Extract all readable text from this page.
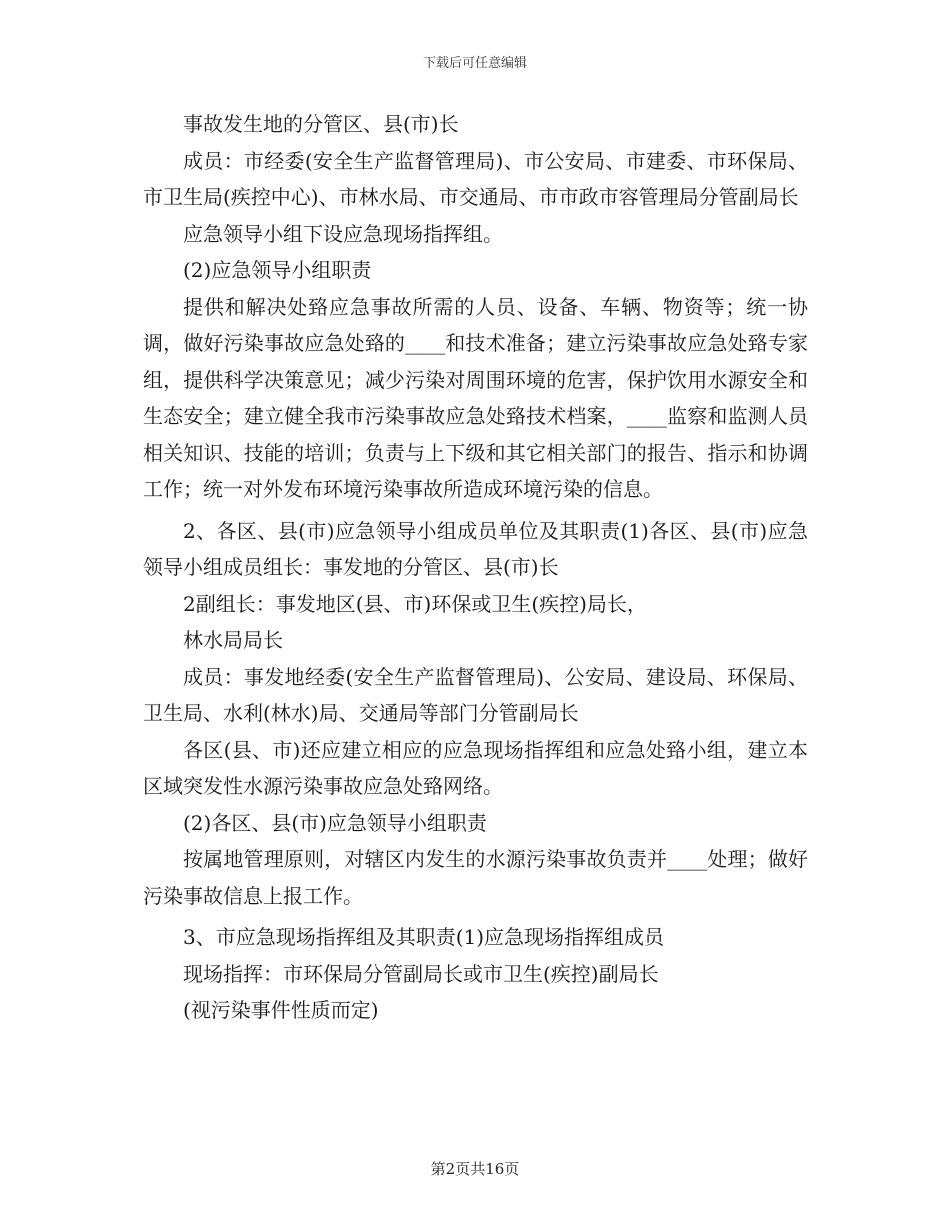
下载后可任意编辑

事故发生地的分管区、县(市)长

成员：市经委(安全生产监督管理局)、市公安局、市建委、市环保局、市卫生局(疾控中心)、市林水局、市交通局、市市政市容管理局分管副局长

应急领导小组下设应急现场指挥组。

(2)应急领导小组职责

提供和解决处臵应急事故所需的人员、设备、车辆、物资等；统一协调，做好污染事故应急处臵的____和技术准备；建立污染事故应急处臵专家组，提供科学决策意见；减少污染对周围环境的危害，保护饮用水源安全和生态安全；建立健全我市污染事故应急处臵技术档案，____监察和监测人员相关知识、技能的培训；负责与上下级和其它相关部门的报告、指示和协调工作；统一对外发布环境污染事故所造成环境污染的信息。

2、各区、县(市)应急领导小组成员单位及其职责(1)各区、县(市)应急领导小组成员组长：事发地的分管区、县(市)长

2副组长：事发地区(县、市)环保或卫生(疾控)局长，

林水局局长

成员：事发地经委(安全生产监督管理局)、公安局、建设局、环保局、卫生局、水利(林水)局、交通局等部门分管副局长

各区(县、市)还应建立相应的应急现场指挥组和应急处臵小组，建立本区域突发性水源污染事故应急处臵网络。

(2)各区、县(市)应急领导小组职责

按属地管理原则，对辖区内发生的水源污染事故负责并____处理；做好污染事故信息上报工作。

3、市应急现场指挥组及其职责(1)应急现场指挥组成员

现场指挥：市环保局分管副局长或市卫生(疾控)副局长

(视污染事件性质而定)

第2页共16页
